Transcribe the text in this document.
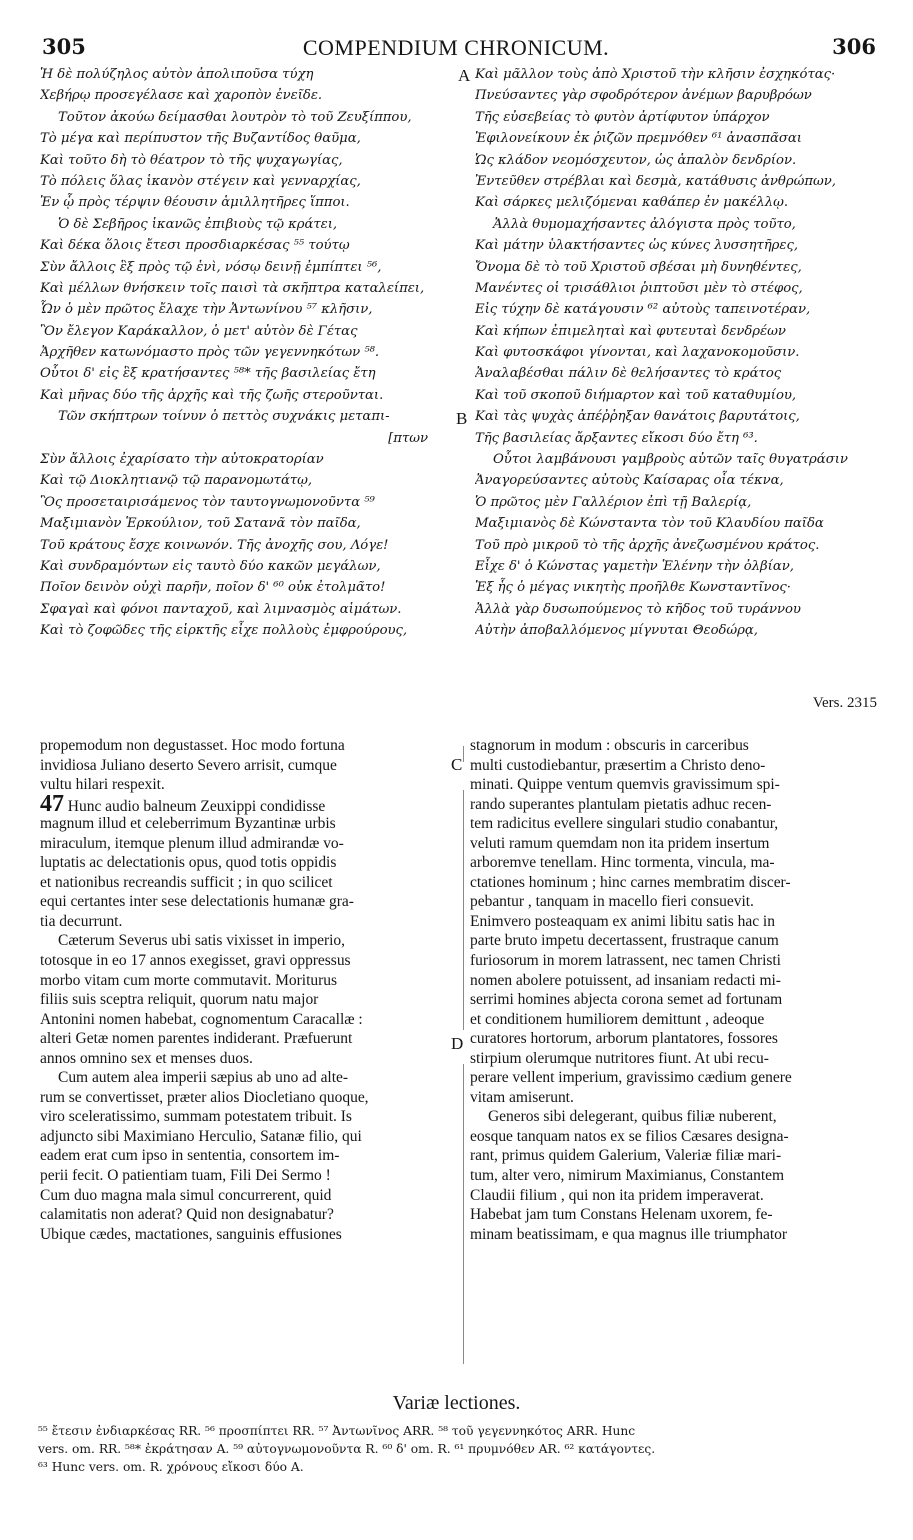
305	COMPENDIUM CHRONICUM.	306
Ἡ δὲ πολύζηλος αὐτὸν ἀπολιποῦσα τύχη
Χεβήρῳ προσεγέλασε καὶ χαροπὸν ἐνεῖδε.
Τοῦτον ἀκούω δείμασθαι λουτρὸν τὸ τοῦ Ζευξίππου,
Τὸ μέγα καὶ περίπυστον τῆς Βυζαντίδος θαῦμα,
Καὶ τοῦτο δὴ τὸ θέατρον τὸ τῆς ψυχαγωγίας,
Τὸ πόλεις ὅλας ἱκανὸν στέγειν καὶ γενναρχίας,
Ἐν ᾧ πρὸς τέρψιν θέουσιν ἁμιλλητῆρες ἵπποι.
Ὁ δὲ Σεβῆρος ἱκανῶς ἐπιβιοὺς τῷ κράτει,
Καὶ δέκα ὅλοις ἔτεσι προσδιαρκέσας ⁵⁵ τούτῳ
Σὺν ἄλλοις ἓξ πρὸς τῷ ἑνὶ, νόσῳ δεινῇ ἐμπίπτει ⁵⁶,
Καὶ μέλλων θνήσκειν τοῖς παισὶ τὰ σκῆπτρα καταλείπει,
Ὧν ὁ μὲν πρῶτος ἔλαχε τὴν Ἀντωνίνου ⁵⁷ κλῆσιν,
Ὃν ἔλεγον Καράκαλλον, ὁ μετ' αὐτὸν δὲ Γέτας
Ἀρχῆθεν κατωνόμαστο πρὸς τῶν γεγεννηκότων ⁵⁸.
Οὗτοι δ' εἰς ἓξ κρατήσαντες ⁵⁸* τῆς βασιλείας ἔτη
Καὶ μῆνας δύο τῆς ἀρχῆς καὶ τῆς ζωῆς στεροῦνται.
Τῶν σκήπτρων τοίνυν ὁ πεττὸς συχνάκις μεταπι-
[πτων
Σὺν ἄλλοις ἐχαρίσατο τὴν αὐτοκρατορίαν
Καὶ τῷ Διοκλητιανῷ τῷ παρανομωτάτῳ,
Ὃς προσεταιρισάμενος τὸν ταυτογνωμονοῦντα ⁵⁹
Μαξιμιανὸν Ἑρκούλιον, τοῦ Σατανᾶ τὸν παῖδα,
Τοῦ κράτους ἔσχε κοινωνόν. Τῆς ἀνοχῆς σου, Λόγε!
Καὶ συνδραμόντων εἰς ταυτὸ δύο κακῶν μεγάλων,
Ποῖον δεινὸν οὐχὶ παρῆν, ποῖον δ' ⁶⁰ οὐκ ἐτολμᾶτο!
Σφαγαὶ καὶ φόνοι πανταχοῦ, καὶ λιμνασμὸς αἱμάτων.
Καὶ τὸ ζοφῶδες τῆς εἱρκτῆς εἶχε πολλοὺς ἐμφρούρους,
Καὶ μᾶλλον τοὺς ἀπὸ Χριστοῦ τὴν κλῆσιν ἐσχηκότας·
Πνεύσαντες γὰρ σφοδρότερον ἀνέμων βαρυβρόων
Τῆς εὐσεβείας τὸ φυτὸν ἀρτίφυτον ὑπάρχον
Ἐφιλονείκουν ἐκ ῥιζῶν πρεμνόθεν ⁶¹ ἀνασπᾶσαι
Ὡς κλάδον νεομόσχευτον, ὡς ἁπαλὸν δενδρίον.
Ἐντεῦθεν στρέβλαι καὶ δεσμὰ, κατάθυσις ἀνθρώπων,
Καὶ σάρκες μελιζόμεναι καθάπερ ἐν μακέλλῳ.
Ἀλλὰ θυμομαχήσαντες ἀλόγιστα πρὸς τοῦτο,
Καὶ μάτην ὑλακτήσαντες ὡς κύνες λυσσητῆρες,
Ὄνομα δὲ τὸ τοῦ Χριστοῦ σβέσαι μὴ δυνηθέντες,
Μανέντες οἱ τρισάθλιοι ῥιπτοῦσι μὲν τὸ στέφος,
Εἰς τύχην δὲ κατάγουσιν ⁶² αὐτοὺς ταπεινοτέραν,
Καὶ κήπων ἐπιμεληταὶ καὶ φυτευταὶ δενδρέων
Καὶ φυτοσκάφοι γίνονται, καὶ λαχανοκομοῦσιν.
Ἀναλαβέσθαι πάλιν δὲ θελήσαντες τὸ κράτος
Καὶ τοῦ σκοποῦ διήμαρτον καὶ τοῦ καταθυμίου,
Καὶ τὰς ψυχὰς ἀπέῤῥηξαν θανάτοις βαρυτάτοις,
Τῆς βασιλείας ἄρξαντες εἴκοσι δύο ἔτη ⁶³.
Οὗτοι λαμβάνουσι γαμβροὺς αὐτῶν ταῖς θυγατράσιν
Ἀναγορεύσαντες αὐτοὺς Καίσαρας οἷα τέκνα,
Ὁ πρῶτος μὲν Γαλλέριον ἐπὶ τῇ Βαλερίᾳ,
Μαξιμιανὸς δὲ Κώνσταντα τὸν τοῦ Κλαυδίου παῖδα
Τοῦ πρὸ μικροῦ τὸ τῆς ἀρχῆς ἀνεζωσμένου κράτος.
Εἶχε δ' ὁ Κώνστας γαμετὴν Ἑλένην τὴν ὀλβίαν,
Ἐξ ἧς ὁ μέγας νικητὴς προῆλθε Κωνσταντῖνος·
Ἀλλὰ γὰρ δυσωπούμενος τὸ κῆδος τοῦ τυράννου
Αὐτὴν ἀποβαλλόμενος μίγνυται Θεοδώρᾳ,
A
B
C
D
Vers. 2315
propemodum non degustasset. Hoc modo fortuna
invidiosa Juliano deserto Severo arrisit, cumque
vultu hilari respexit.
47 Hunc audio balneum Zeuxippi condidisse
magnum illud et celeberrimum Byzantinæ urbis
miraculum, itemque plenum illud admirandæ vo-
luptatis ac delectationis opus, quod totis oppidis
et nationibus recreandis sufficit ; in quo scilicet
equi certantes inter sese delectationis humanæ gra-
tia decurrunt.
Cæterum Severus ubi satis vixisset in imperio,
totosque in eo 17 annos exegisset, gravi oppressus
morbo vitam cum morte commutavit. Moriturus
filiis suis sceptra reliquit, quorum natu major
Antonini nomen habebat, cognomentum Caracallæ :
alteri Getæ nomen parentes indiderant. Præfuerunt
annos omnino sex et menses duos.
Cum autem alea imperii sæpius ab uno ad alte-
rum se convertisset, præter alios Diocletiano quoque,
viro sceleratissimo, summam potestatem tribuit. Is
adjuncto sibi Maximiano Herculio, Satanæ filio, qui
eadem erat cum ipso in sententia, consortem im-
perii fecit. O patientiam tuam, Fili Dei Sermo !
Cum duo magna mala simul concurrerent, quid
calamitatis non aderat? Quid non designabatur?
Ubique cædes, mactationes, sanguinis effusiones
stagnorum in modum : obscuris in carceribus
multi custodiebantur, præsertim a Christo deno-
minati. Quippe ventum quemvis gravissimum spi-
rando superantes plantulam pietatis adhuc recen-
tem radicitus evellere singulari studio conabantur,
veluti ramum quemdam non ita pridem insertum
arboremve tenellam. Hinc tormenta, vincula, ma-
ctationes hominum ; hinc carnes membratim discer-
pebantur , tanquam in macello fieri consuevit.
Enimvero posteaquam ex animi libitu satis hac in
parte bruto impetu decertassent, frustraque canum
furiosorum in morem latrassent, nec tamen Christi
nomen abolere potuissent, ad insaniam redacti mi-
serrimi homines abjecta corona semet ad fortunam
et conditionem humiliorem demittunt , adeoque
curatores hortorum, arborum plantatores, fossores
stirpium olerumque nutritores fiunt. At ubi recu-
perare vellent imperium, gravissimo cædium genere
vitam amiserunt.
Generos sibi delegerant, quibus filiæ nuberent,
eosque tanquam natos ex se filios Cæsares designa-
rant, primus quidem Galerium, Valeriæ filiæ mari-
tum, alter vero, nimirum Maximianus, Constantem
Claudii filium , qui non ita pridem imperaverat.
Habebat jam tum Constans Helenam uxorem, fe-
minam beatissimam, e qua magnus ille triumphator
Variæ lectiones.
⁵⁵ ἔτεσιν ἐνδιαρκέσας RR. ⁵⁶ προσπίπτει RR. ⁵⁷ Ἀντωνῖνος ARR. ⁵⁸ τοῦ γεγεννηκότος ARR. Hunc
vers. om. RR. ⁵⁸* ἐκράτησαν A. ⁵⁹ αὐτογνωμονοῦντα R. ⁶⁰ δ' om. R. ⁶¹ πρυμνόθεν AR. ⁶² κατάγοντες.
⁶³ Hunc vers. om. R. χρόνους εἴκοσι δύο A.
